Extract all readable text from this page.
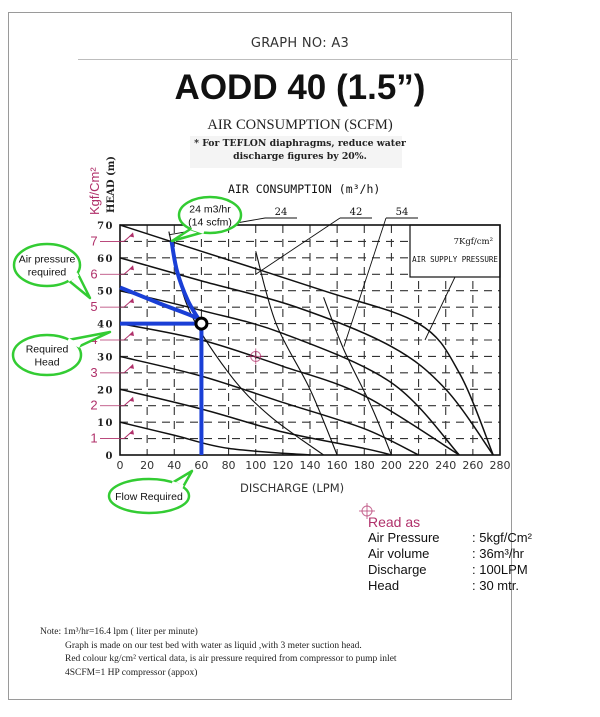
GRAPH NO: A3
AODD 40 (1.5”)
AIR CONSUMPTION (SCFM)
* For TEFLON diaphragms, reduce water
discharge figures by 20%.
7Kgf/cm²
AIR SUPPLY PRESSURE
24	42	54
0 20 40 60 80 100 120 140 160 180 200 220 240 260 280
0
10
20
30
40
50
60
70
1
2
3
5
6
7
DISCHARGE (LPM)
AIR CONSUMPTION (m³/h)
HEAD (m)
Kgf/Cm²	24 m3/hr
(14 scfm)
Air pressure
required
Required
Head
Flow Required
Read as
Air Pressure	: 5kgf/Cm²
Air volume	: 36m³/hr
Discharge	: 100LPM
Head	: 30 mtr.
Note: 1m³/hr=16.4 lpm ( liter per minute)
Graph is made on our test bed with water as liquid ,with 3 meter suction head.
Red colour kg/cm² vertical data, is air pressure required from compressor to pump inlet
4SCFM=1 HP compressor (appox)
